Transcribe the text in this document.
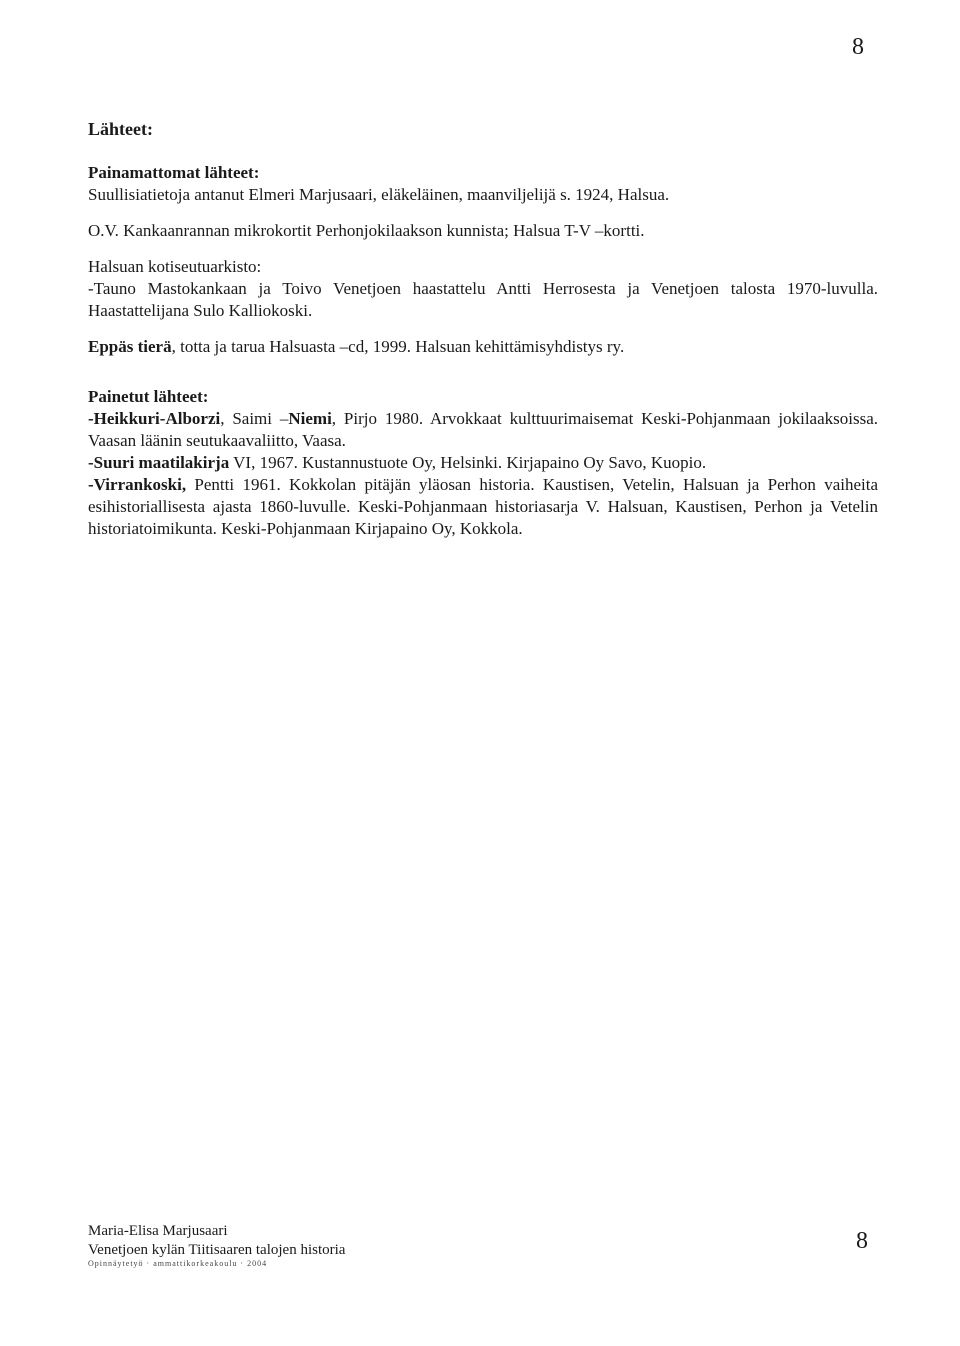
8

Lähteet:

Painamattomat lähteet:

Suullisiatietoja antanut Elmeri Marjusaari, eläkeläinen, maanviljelijä s. 1924, Halsua.

O.V. Kankaanrannan mikrokortit Perhonjokilaakson kunnista; Halsua T-V –kortti.

Halsuan kotiseutuarkisto:

-Tauno Mastokankaan ja Toivo Venetjoen haastattelu Antti Herrosesta ja Venetjoen talosta 1970-luvulla. Haastattelijana Sulo Kalliokoski.

Eppäs tierä, totta ja tarua Halsuasta –cd, 1999. Halsuan kehittämisyhdistys ry.

Painetut lähteet:

-Heikkuri-Alborzi, Saimi –Niemi, Pirjo 1980. Arvokkaat kulttuurimaisemat Keski-Pohjanmaan jokilaaksoissa. Vaasan läänin seutukaavaliitto, Vaasa.

-Suuri maatilakirja VI, 1967. Kustannustuote Oy, Helsinki. Kirjapaino Oy Savo, Kuopio.

-Virrankoski, Pentti 1961. Kokkolan pitäjän yläosan historia. Kaustisen, Vetelin, Halsuan ja Perhon vaiheita esihistoriallisesta ajasta 1860-luvulle. Keski-Pohjanmaan historiasarja V. Halsuan, Kaustisen, Perhon ja Vetelin historiatoimikunta. Keski-Pohjanmaan Kirjapaino Oy, Kokkola.

Maria-Elisa Marjusaari
Venetjoen kylän Tiitisaaren talojen historia
Opinnäytetyö · ammattikorkeakoulu · 2004
8
